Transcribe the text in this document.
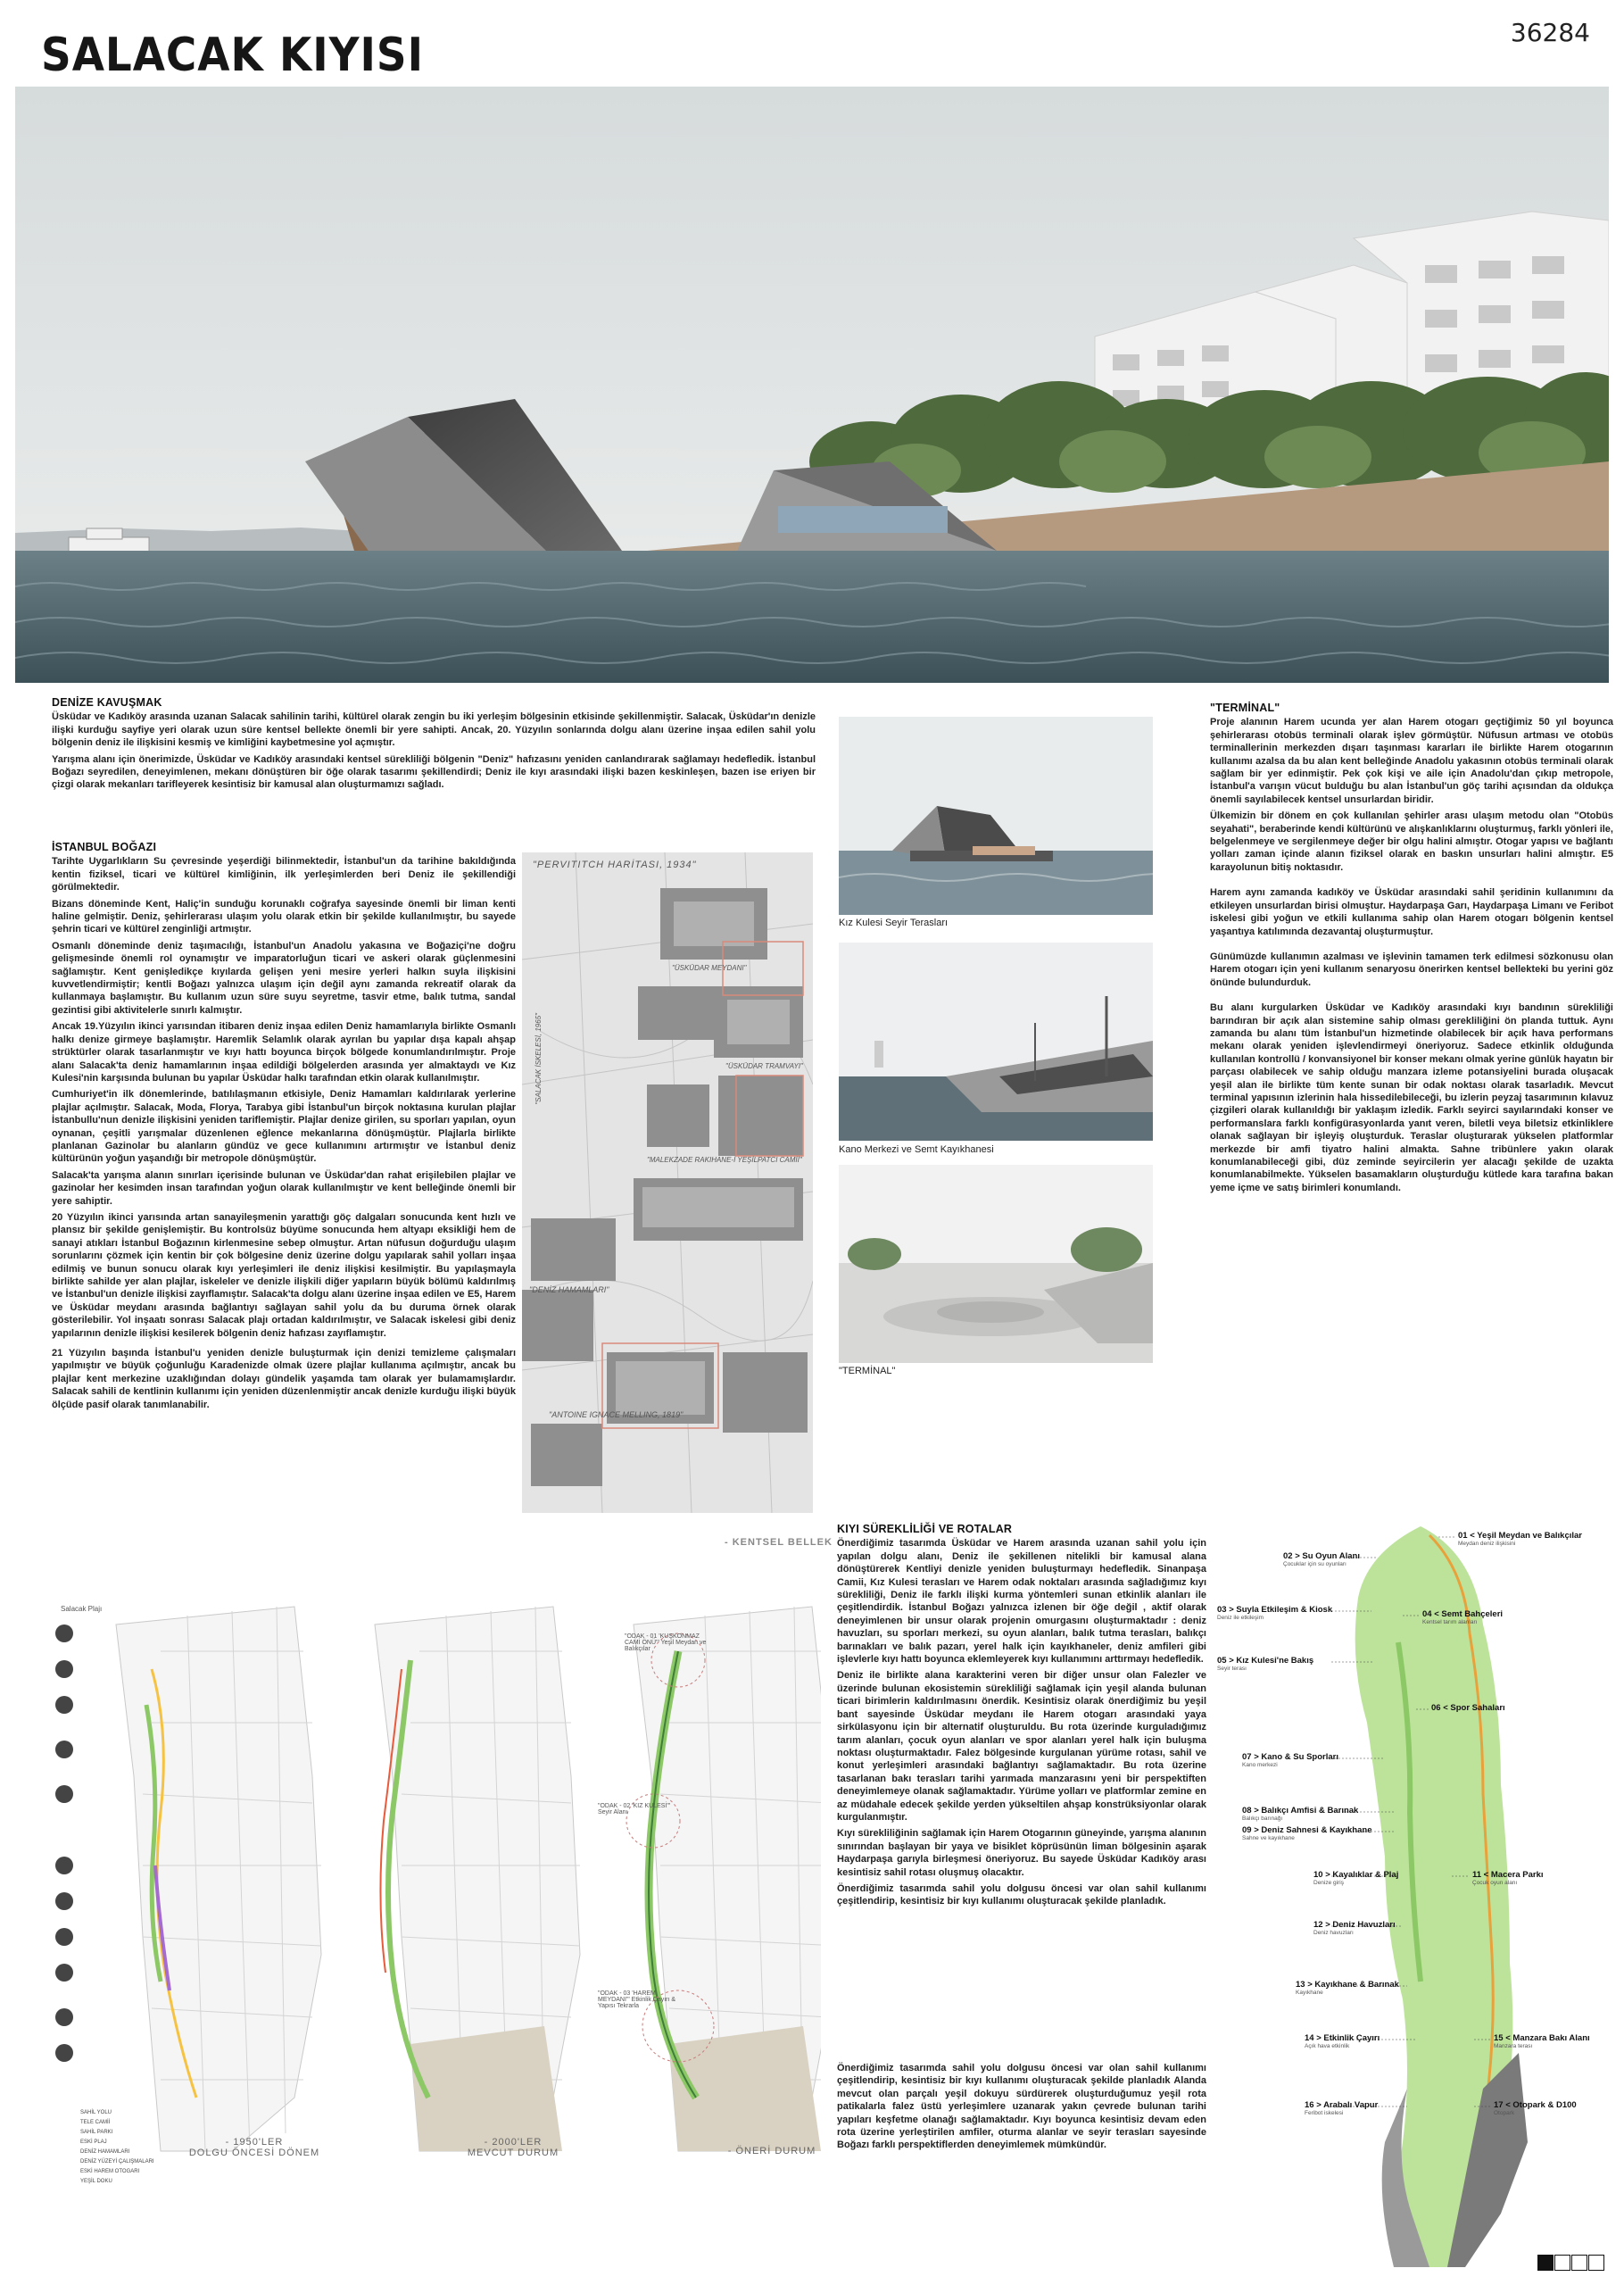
SALACAK KIYISI	36284
DENİZE KAVUŞMAK

Üsküdar ve Kadıköy arasında uzanan Salacak sahilinin tarihi, kültürel olarak zengin bu iki yerleşim bölgesinin etkisinde şekillenmiştir. Salacak, Üsküdar'ın denizle ilişki kurduğu sayfiye yeri olarak uzun süre kentsel bellekte önemli bir yere sahipti. Ancak, 20. Yüzyılın sonlarında dolgu alanı üzerine inşaa edilen sahil yolu bölgenin deniz ile ilişkisini kesmiş ve kimliğini kaybetmesine yol açmıştır.

Yarışma alanı için önerimizde, Üsküdar ve Kadıköy arasındaki kentsel sürekliliği bölgenin "Deniz" hafızasını yeniden canlandırarak sağlamayı hedefledik. İstanbul Boğazı seyredilen, deneyimlenen, mekanı dönüştüren bir öğe olarak tasarımı şekillendirdi; Deniz ile kıyı arasındaki ilişki bazen keskinleşen, bazen ise eriyen bir çizgi olarak mekanları tarifleyerek kesintisiz bir kamusal alan oluşturmamızı sağladı.

İSTANBUL BOĞAZI

Tarihte Uygarlıkların Su çevresinde yeşerdiği bilinmektedir, İstanbul'un da tarihine bakıldığında kentin fiziksel, ticari ve kültürel kimliğinin, ilk yerleşimlerden beri Deniz ile şekillendiği görülmektedir.

Bizans döneminde Kent, Haliç'in sunduğu korunaklı coğrafya sayesinde önemli bir liman kenti haline gelmiştir. Deniz, şehirlerarası ulaşım yolu olarak etkin bir şekilde kullanılmıştır, bu sayede şehrin ticari ve kültürel zenginliği artmıştır.

Osmanlı döneminde deniz taşımacılığı, İstanbul'un Anadolu yakasına ve Boğaziçi'ne doğru gelişmesinde önemli rol oynamıştır ve imparatorluğun ticari ve askeri olarak güçlenmesini sağlamıştır. Kent genişledikçe kıyılarda gelişen yeni mesire yerleri halkın suyla ilişkisini kuvvetlendirmiştir; kentli Boğazı yalnızca ulaşım için değil aynı zamanda rekreatif olarak da kullanmaya başlamıştır. Bu kullanım uzun süre suyu seyretme, tasvir etme, balık tutma, sandal gezintisi gibi aktivitelerle sınırlı kalmıştır.

Ancak 19.Yüzyılın ikinci yarısından itibaren deniz inşaa edilen Deniz hamamlarıyla birlikte Osmanlı halkı denize girmeye başlamıştır. Haremlik Selamlık olarak ayrılan bu yapılar dışa kapalı ahşap strüktürler olarak tasarlanmıştır ve kıyı hattı boyunca birçok bölgede konumlandırılmıştır. Proje alanı Salacak'ta deniz hamamlarının inşaa edildiği bölgelerden arasında yer almaktaydı ve Kız Kulesi'nin karşısında bulunan bu yapılar Üsküdar halkı tarafından etkin olarak kullanılmıştır.

Cumhuriyet'in ilk dönemlerinde, batılılaşmanın etkisiyle, Deniz Hamamları kaldırılarak yerlerine plajlar açılmıştır. Salacak, Moda, Florya, Tarabya gibi İstanbul'un birçok noktasına kurulan plajlar İstanbullu'nun denizle ilişkisini yeniden tariflemiştir. Plajlar denize girilen, su sporları yapılan, oyun oynanan, çeşitli yarışmalar düzenlenen eğlence mekanlarına dönüşmüştür. Plajlarla birlikte planlanan Gazinolar bu alanların gündüz ve gece kullanımını artırmıştır ve İstanbul deniz kültürünün yoğun yaşandığı bir metropole dönüşmüştür.

Salacak'ta yarışma alanın sınırları içerisinde bulunan ve Üsküdar'dan rahat erişilebilen plajlar ve gazinolar her kesimden insan tarafından yoğun olarak kullanılmıştır ve kent belleğinde önemli bir yere sahiptir.

20 Yüzyılın ikinci yarısında artan sanayileşmenin yarattığı göç dalgaları sonucunda kent hızlı ve plansız bir şekilde genişlemiştir. Bu kontrolsüz büyüme sonucunda hem altyapı eksikliği hem de sanayi atıkları İstanbul Boğazının kirlenmesine sebep olmuştur. Artan nüfusun doğurduğu ulaşım sorunlarını çözmek için kentin bir çok bölgesine deniz üzerine dolgu yapılarak sahil yolları inşaa edilmiş ve bunun sonucu olarak kıyı yerleşimleri ile deniz ilişkisi kesilmiştir. Bu yapılaşmayla birlikte sahilde yer alan plajlar, iskeleler ve denizle ilişkili diğer yapıların büyük bölümü kaldırılmış ve İstanbul'un denizle ilişkisi zayıflamıştır. Salacak'ta dolgu alanı üzerine inşaa edilen ve E5, Harem ve Üsküdar meydanı arasında bağlantıyı sağlayan sahil yolu da bu duruma örnek olarak gösterilebilir. Yol inşaatı sonrası Salacak plajı ortadan kaldırılmıştır, ve Salacak iskelesi gibi deniz yapılarının denizle ilişkisi kesilerek bölgenin deniz hafızası zayıflamıştır.

21 Yüzyılın başında İstanbul'u yeniden denizle buluşturmak için denizi temizleme çalışmaları yapılmıştır ve büyük çoğunluğu Karadenizde olmak üzere plajlar kullanıma açılmıştır, ancak bu plajlar kent merkezine uzaklığından dolayı gündelik yaşamda tam olarak yer bulamamışlardır. Salacak sahili de kentlinin kullanımı için yeniden düzenlenmiştir ancak denizle kurduğu ilişki büyük ölçüde pasif olarak tanımlanabilir.

"PERVITITCH HARİTASI, 1934"
"ÜSKÜDAR MEYDANI"
"ÜSKÜDAR TRAMVAYI"
"MALEKZADE RAKIHANE-İ YEŞİLPATCI CAMİİ"
"SALACAK İSKELESİ, 1965"
"DENİZ HAMAMLARI"
"ANTOINE IGNACE MELLING, 1819"
- KENTSEL BELLEK
Kız Kulesi Seyir Terasları
Kano Merkezi ve Semt Kayıkhanesi
"TERMİNAL"
"TERMİNAL"

Proje alanının Harem ucunda yer alan Harem otogarı geçtiğimiz 50 yıl boyunca şehirlerarası otobüs terminali olarak işlev görmüştür. Nüfusun artması ve otobüs terminallerinin merkezden dışarı taşınması kararları ile birlikte Harem otogarının kullanımı azalsa da bu alan kent belleğinde Anadolu yakasının otobüs terminali olarak sağlam bir yer edinmiştir. Pek çok kişi ve aile için Anadolu'dan çıkıp metropole, İstanbul'a varışın vücut bulduğu bu alan İstanbul'un göç tarihi açısından da oldukça önemli sayılabilecek kentsel unsurlardan biridir.

Ülkemizin bir dönem en çok kullanılan şehirler arası ulaşım metodu olan "Otobüs seyahati", beraberinde kendi kültürünü ve alışkanlıklarını oluşturmuş, farklı yönleri ile, belgelenmeye ve sergilenmeye değer bir olgu halini almıştır. Otogar yapısı ve bağlantı yolları zaman içinde alanın fiziksel olarak en baskın unsurları halini almıştır. E5 karayolunun bitiş noktasıdır.

Harem aynı zamanda kadıköy ve Üsküdar arasındaki sahil şeridinin kullanımını da etkileyen unsurlardan birisi olmuştur. Haydarpaşa Garı, Haydarpaşa Limanı ve Feribot iskelesi gibi yoğun ve etkili kullanıma sahip olan Harem otogarı bölgenin kentsel yaşantıya katılımında dezavantaj oluşturmuştur.

Günümüzde kullanımın azalması ve işlevinin tamamen terk edilmesi sözkonusu olan Harem otogarı için yeni kullanım senaryosu önerirken kentsel bellekteki bu yerini göz önünde bulundurduk.

Bu alanı kurgularken Üsküdar ve Kadıköy arasındaki kıyı bandının sürekliliği barındıran bir açık alan sistemine sahip olması gerekliliğini ön planda tuttuk. Aynı zamanda bu alanı tüm İstanbul'un hizmetinde olabilecek bir açık hava performans mekanı olarak yeniden işlevlendirmeyi öneriyoruz. Sadece etkinlik olduğunda kullanılan kontrollü / konvansiyonel bir konser mekanı olmak yerine günlük hayatın bir parçası olabilecek ve sahip olduğu manzara izleme potansiyelini burada oluşacak yeşil alan ile birlikte tüm kente sunan bir odak noktası olarak tasarladık. Mevcut terminal yapısının izlerinin hala hissedilebileceği, bu izlerin peyzaj tasarımının kılavuz çizgileri olarak kullanıldığı bir yaklaşım izledik. Farklı seyirci sayılarındaki konser ve performanslara farklı konfigürasyonlarda yanıt veren, biletli veya biletsiz etkinliklere olanak sağlayan bir işleyiş oluşturduk. Teraslar oluşturarak yükselen platformlar merkezde bir amfi tiyatro halini almakta. Sahne tribünlere yakın olarak konumlanabileceği gibi, düz zeminde seyircilerin yer alacağı şekilde de uzakta konumlanabilmekte. Yükselen basamakların oluşturduğu kütlede kara tarafına bakan yeme içme ve satış birimleri konumlandı.

Salacak Plajı
"ODAK - 01 'KUŞKONMAZ CAMİ ÖNÜ'" Yeşil Meydan ve Balıkçılar
"ODAK - 02 'KIZ KULESİ'" Seyir Alanı
"ODAK - 03 'HAREM MEYDANI'" Etkinlik Çayırı & Yapısı Tekrarla
SAHİL YOLU
TELE CAMİİ
SAHİL PARKI
ESKİ PLAJ
DENİZ HAMAMLARI
DENİZ YÜZEYİ ÇALIŞMALARI
ESKİ HAREM OTOGARI
YEŞİL DOKU
- 1950'LER
DOLGU ÖNCESİ DÖNEM
- 2000'LER
MEVCUT DURUM	- ÖNERİ DURUM
KIYI SÜREKLİLİĞİ VE ROTALAR

Önerdiğimiz tasarımda Üsküdar ve Harem arasında uzanan sahil yolu için yapılan dolgu alanı, Deniz ile şekillenen nitelikli bir kamusal alana dönüştürerek Kentliyi denizle yeniden buluşturmayı hedefledik. Sinanpaşa Camii, Kız Kulesi terasları ve Harem odak noktaları arasında sağladığımız kıyı sürekliliği, Deniz ile farklı ilişki kurma yöntemleri sunan etkinlik alanları ile çeşitlendirdik. İstanbul Boğazı yalnızca izlenen bir öğe değil , aktif olarak deneyimlenen bir unsur olarak projenin omurgasını oluşturmaktadır : deniz havuzları, su sporları merkezi, su oyun alanları, balık tutma terasları, balıkçı barınakları ve balık pazarı, yerel halk için kayıkhaneler, deniz amfileri gibi işlevlerle kıyı hattı boyunca eklemleyerek kıyı kullanımını arttırmayı hedefledik.

Deniz ile birlikte alana karakterini veren bir diğer unsur olan Falezler ve üzerinde bulunan ekosistemin sürekliliği sağlamak için yeşil alanda bulunan ticari birimlerin kaldırılmasını önerdik. Kesintisiz olarak önerdiğimiz bu yeşil bant sayesinde Üsküdar meydanı ile Harem otogarı arasındaki yaya sirkülasyonu için bir alternatif oluşturuldu. Bu rota üzerinde kurguladığımız tarım alanları, çocuk oyun alanları ve spor alanları yerel halk için buluşma noktası oluşturmaktadır. Falez bölgesinde kurgulanan yürüme rotası, sahil ve konut yerleşimleri arasındaki bağlantıyı sağlamaktadır. Bu rota üzerine tasarlanan bakı terasları tarihi yarımada manzarasını yeni bir perspektiften deneyimlemeye olanak sağlamaktadır. Yürüme yolları ve platformlar zemine en az müdahale edecek şekilde yerden yükseltilen ahşap konstrüksiyonlar olarak kurgulanmıştır.

Kıyı sürekliliğinin sağlamak için Harem Otogarının güneyinde, yarışma alanının sınırından başlayan bir yaya ve bisiklet köprüsünün liman bölgesinin aşarak Haydarpaşa garıyla birleşmesi öneriyoruz. Bu sayede Üsküdar Kadıköy arası kesintisiz sahil rotası oluşmuş olacaktır.

Önerdiğimiz tasarımda sahil yolu dolgusu öncesi var olan sahil kullanımı çeşitlendirip, kesintisiz bir kıyı kullanımı oluşturacak şekilde planladık.

Önerdiğimiz tasarımda sahil yolu dolgusu öncesi var olan sahil kullanımı çeşitlendirip, kesintisiz bir kıyı kullanımı oluşturacak şekilde planladık Alanda mevcut olan parçalı yeşil dokuyu sürdürerek oluşturduğumuz yeşil rota patikalarla falez üstü yerleşimlere uzanarak yakın çevrede bulunan tarihi yapıları keşfetme olanağı sağlamaktadır. Kıyı boyunca kesintisiz devam eden rota üzerine yerleştirilen amfiler, oturma alanlar ve seyir terasları sayesinde Boğazı farklı perspektiflerden deneyimlemek mümkündür.

01 < Yeşil Meydan ve Balıkçılar
Meydan deniz ilişkisini
02 > Su Oyun Alanı
Çocuklar için su oyunları
03 > Suyla Etkileşim & Kiosk
Deniz ile etkileşim	04 < Semt Bahçeleri
Kentsel tarım alanları
05 > Kız Kulesi'ne Bakış
Seyir terası
06 < Spor Sahaları
07 > Kano & Su Sporları
Kano merkezi
08 > Balıkçı Amfisi & Barınak
Balıkçı barınağı
09 > Deniz Sahnesi & Kayıkhane
Sahne ve kayıkhane
10 > Kayalıklar & Plaj
Denize giriş
11 < Macera Parkı
Çocuk oyun alanı
12 > Deniz Havuzları
Deniz havuzları
13 > Kayıkhane & Barınak
Kayıkhane
14 > Etkinlik Çayırı
Açık hava etkinlik
15 < Manzara Bakı Alanı
Manzara terası
16 > Arabalı Vapur
Feribot iskelesi
17 < Otopark & D100
Otopark
